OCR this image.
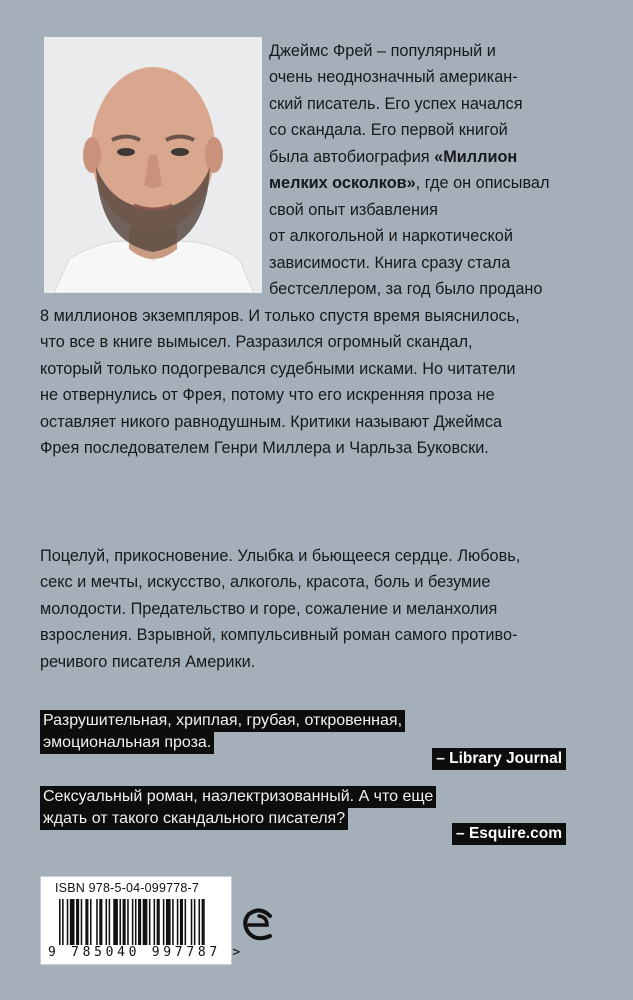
Джеймс Фрей – популярный и
очень неоднозначный американ-
ский писатель. Его успех начался
со скандала. Его первой книгой
была автобиография «Миллион
мелких осколков», где он описывал
свой опыт избавления
от алкогольной и наркотической
зависимости. Книга сразу стала
бестселлером, за год было продано
8 миллионов экземпляров. И только спустя время выяснилось,
что все в книге вымысел. Разразился огромный скандал,
который только подогревался судебными исками. Но читатели
не отвернулись от Фрея, потому что его искренняя проза не
оставляет никого равнодушным. Критики называют Джеймса
Фрея последователем Генри Миллера и Чарльза Буковски.
Поцелуй, прикосновение. Улыбка и бьющееся сердце. Любовь,
секс и мечты, искусство, алкоголь, красота, боль и безумие
молодости. Предательство и горе, сожаление и меланхолия
взросления. Взрывной, компульсивный роман самого противо-
речивого писателя Америки.
Разрушительная, хриплая, грубая, откровенная,
эмоциональная проза.
– Library Journal
Сексуальный роман, наэлектризованный. А что еще
ждать от такого скандального писателя?
– Esquire.com
ISBN 978-5-04-099778-7
9 785040 997787 >
